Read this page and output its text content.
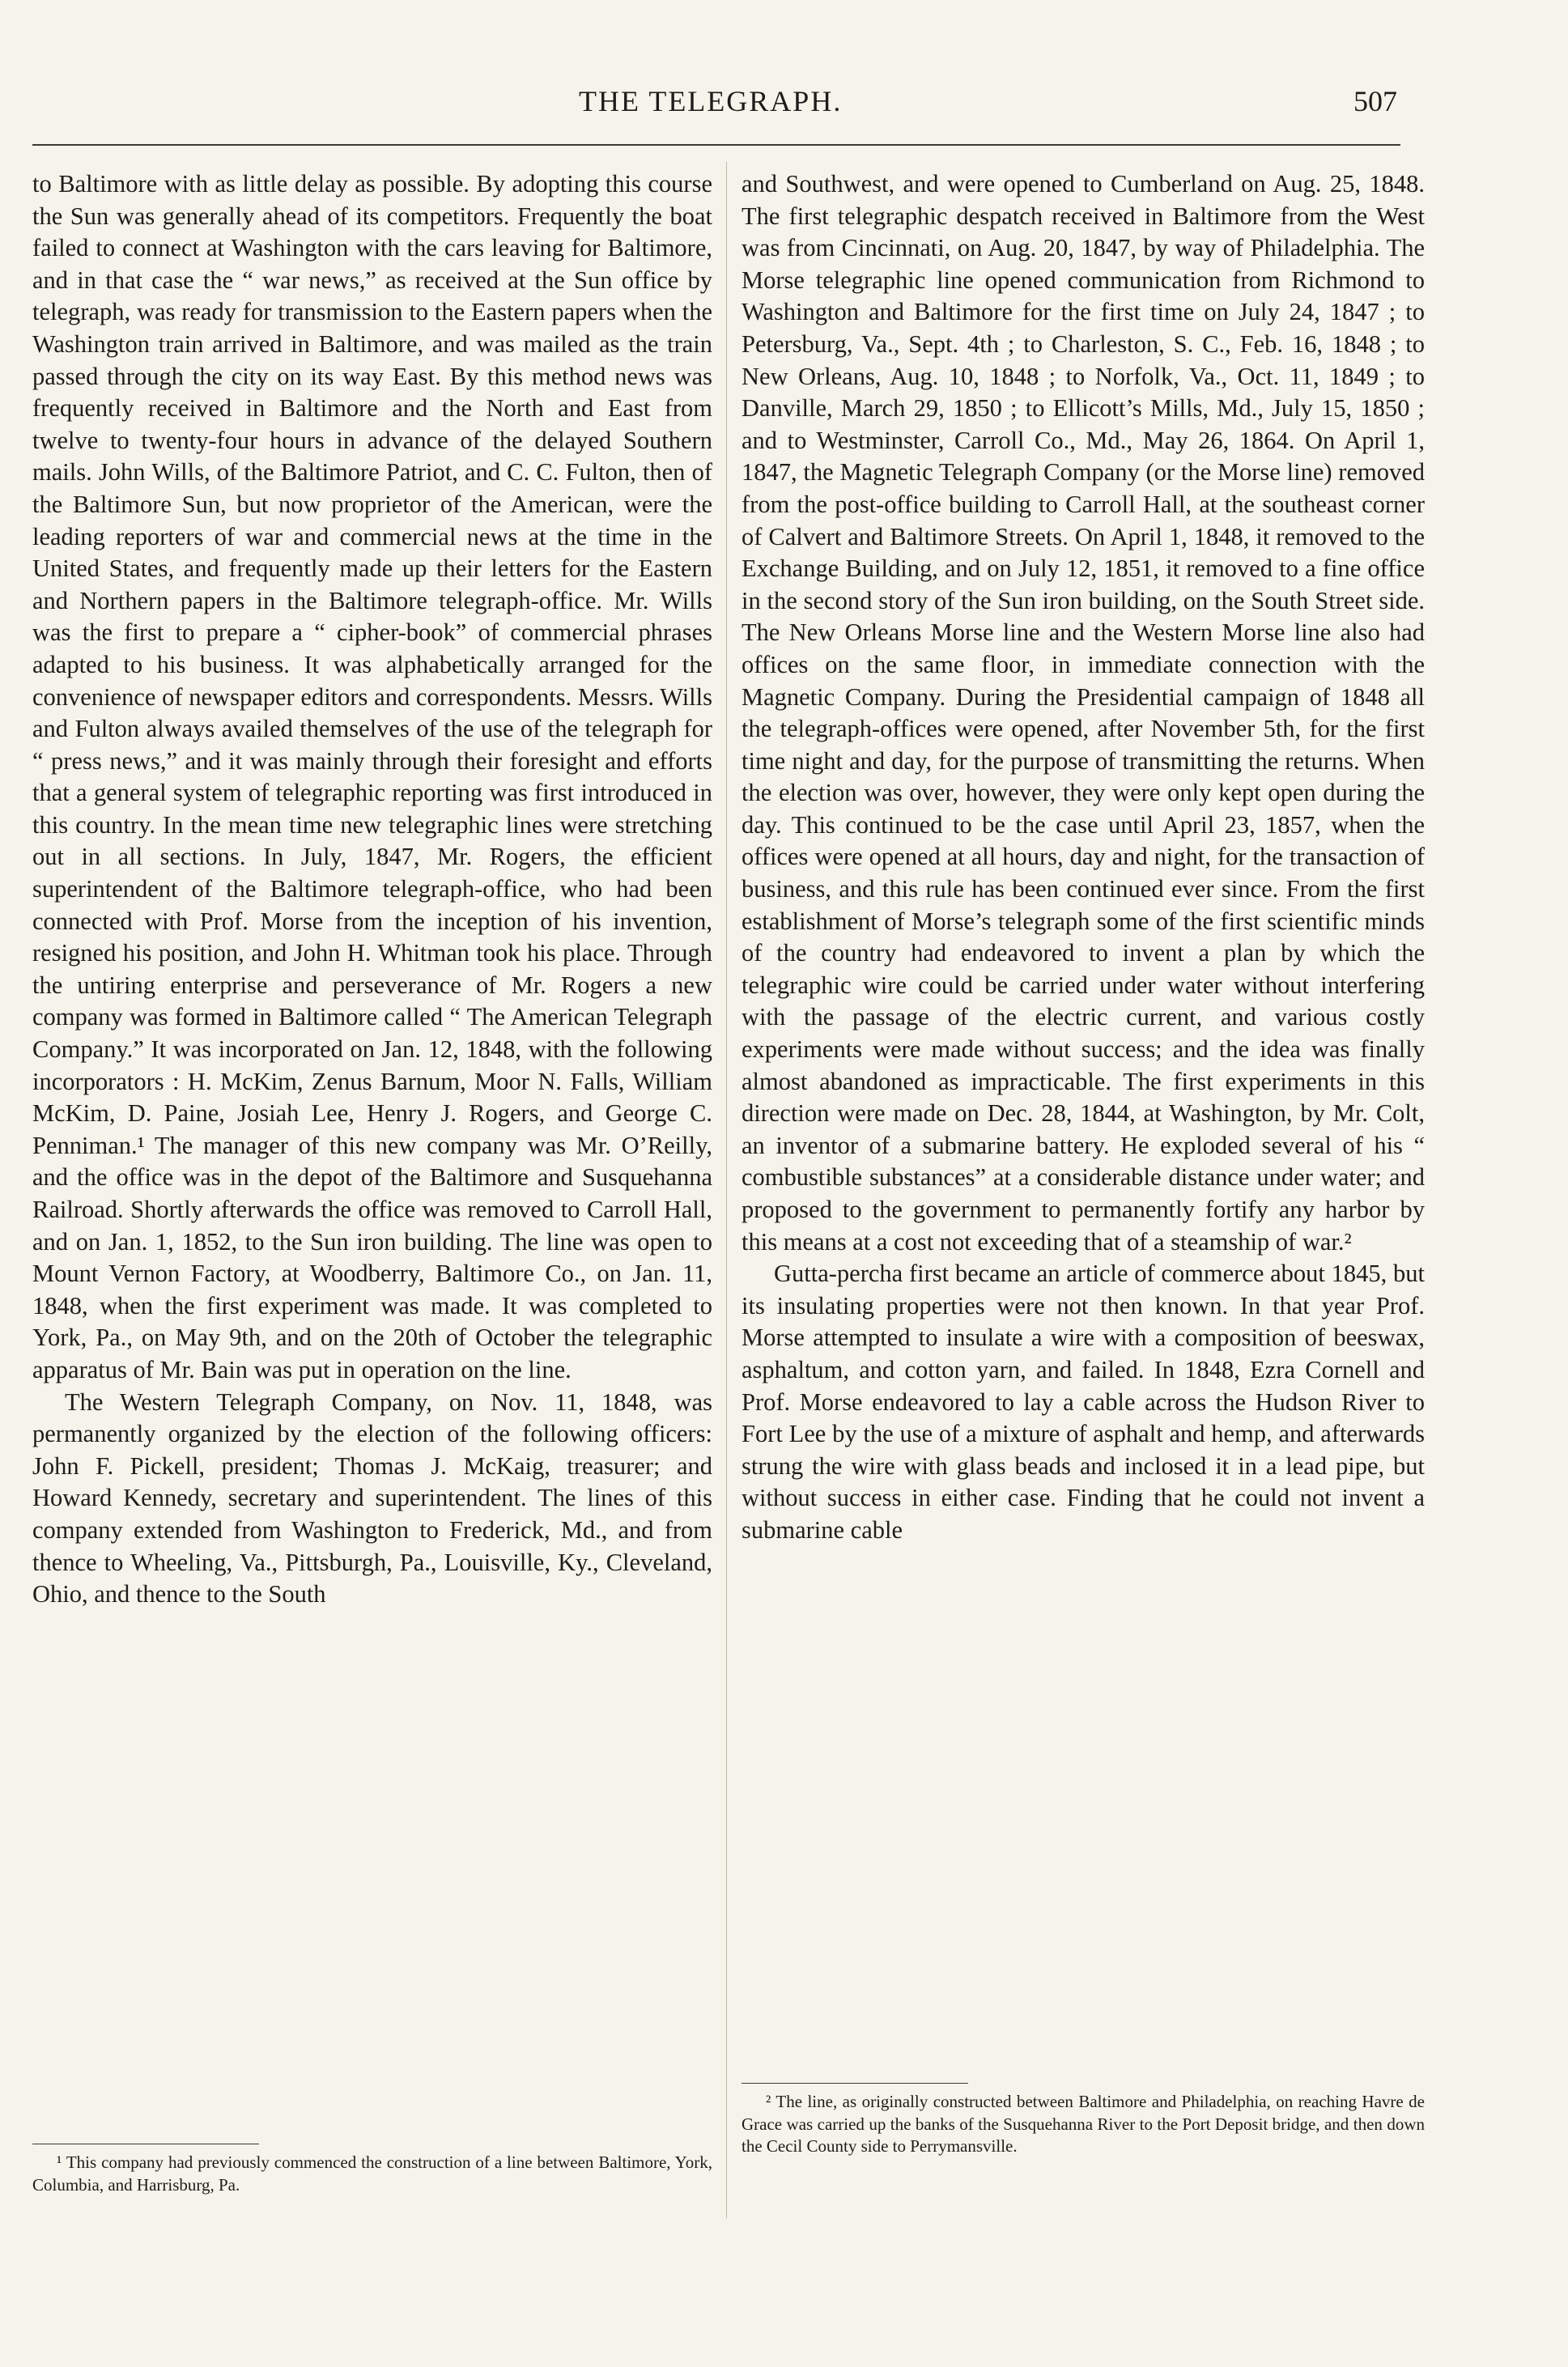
THE TELEGRAPH.	507

to Baltimore with as little delay as possible. By adopting this course the Sun was generally ahead of its competitors. Frequently the boat failed to connect at Washington with the cars leaving for Baltimore, and in that case the “ war news,” as received at the Sun office by telegraph, was ready for transmission to the Eastern papers when the Washington train arrived in Baltimore, and was mailed as the train passed through the city on its way East. By this method news was frequently received in Baltimore and the North and East from twelve to twenty-four hours in advance of the delayed Southern mails. John Wills, of the Baltimore Patriot, and C. C. Fulton, then of the Baltimore Sun, but now proprietor of the American, were the leading reporters of war and commercial news at the time in the United States, and frequently made up their letters for the Eastern and Northern papers in the Baltimore telegraph-office. Mr. Wills was the first to prepare a “ cipher-book” of commercial phrases adapted to his business. It was alphabetically arranged for the convenience of newspaper editors and correspondents. Messrs. Wills and Fulton always availed themselves of the use of the telegraph for “ press news,” and it was mainly through their foresight and efforts that a general system of telegraphic reporting was first introduced in this country. In the mean time new telegraphic lines were stretching out in all sections. In July, 1847, Mr. Rogers, the efficient superintendent of the Baltimore telegraph-office, who had been connected with Prof. Morse from the inception of his invention, resigned his position, and John H. Whitman took his place. Through the untiring enterprise and perseverance of Mr. Rogers a new company was formed in Baltimore called “ The American Telegraph Company.” It was incorporated on Jan. 12, 1848, with the following incorporators : H. McKim, Zenus Barnum, Moor N. Falls, William McKim, D. Paine, Josiah Lee, Henry J. Rogers, and George C. Penniman.¹ The manager of this new company was Mr. O’Reilly, and the office was in the depot of the Baltimore and Susquehanna Railroad. Shortly afterwards the office was removed to Carroll Hall, and on Jan. 1, 1852, to the Sun iron building. The line was open to Mount Vernon Factory, at Woodberry, Baltimore Co., on Jan. 11, 1848, when the first experiment was made. It was completed to York, Pa., on May 9th, and on the 20th of October the telegraphic apparatus of Mr. Bain was put in operation on the line.

The Western Telegraph Company, on Nov. 11, 1848, was permanently organized by the election of the following officers: John F. Pickell, president; Thomas J. McKaig, treasurer; and Howard Kennedy, secretary and superintendent. The lines of this company extended from Washington to Frederick, Md., and from thence to Wheeling, Va., Pittsburgh, Pa., Louisville, Ky., Cleveland, Ohio, and thence to the South

and Southwest, and were opened to Cumberland on Aug. 25, 1848. The first telegraphic despatch received in Baltimore from the West was from Cincinnati, on Aug. 20, 1847, by way of Philadelphia. The Morse telegraphic line opened communication from Richmond to Washington and Baltimore for the first time on July 24, 1847 ; to Petersburg, Va., Sept. 4th ; to Charleston, S. C., Feb. 16, 1848 ; to New Orleans, Aug. 10, 1848 ; to Norfolk, Va., Oct. 11, 1849 ; to Danville, March 29, 1850 ; to Ellicott’s Mills, Md., July 15, 1850 ; and to Westminster, Carroll Co., Md., May 26, 1864. On April 1, 1847, the Magnetic Telegraph Company (or the Morse line) removed from the post-office building to Carroll Hall, at the southeast corner of Calvert and Baltimore Streets. On April 1, 1848, it removed to the Exchange Building, and on July 12, 1851, it removed to a fine office in the second story of the Sun iron building, on the South Street side. The New Orleans Morse line and the Western Morse line also had offices on the same floor, in immediate connection with the Magnetic Company. During the Presidential campaign of 1848 all the telegraph-offices were opened, after November 5th, for the first time night and day, for the purpose of transmitting the returns. When the election was over, however, they were only kept open during the day. This continued to be the case until April 23, 1857, when the offices were opened at all hours, day and night, for the transaction of business, and this rule has been continued ever since. From the first establishment of Morse’s telegraph some of the first scientific minds of the country had endeavored to invent a plan by which the telegraphic wire could be carried under water without interfering with the passage of the electric current, and various costly experiments were made without success; and the idea was finally almost abandoned as impracticable. The first experiments in this direction were made on Dec. 28, 1844, at Washington, by Mr. Colt, an inventor of a submarine battery. He exploded several of his “ combustible substances” at a considerable distance under water; and proposed to the government to permanently fortify any harbor by this means at a cost not exceeding that of a steamship of war.²

Gutta-percha first became an article of commerce about 1845, but its insulating properties were not then known. In that year Prof. Morse attempted to insulate a wire with a composition of beeswax, asphaltum, and cotton yarn, and failed. In 1848, Ezra Cornell and Prof. Morse endeavored to lay a cable across the Hudson River to Fort Lee by the use of a mixture of asphalt and hemp, and afterwards strung the wire with glass beads and inclosed it in a lead pipe, but without success in either case. Finding that he could not invent a submarine cable

¹ This company had previously commenced the construction of a line between Baltimore, York, Columbia, and Harrisburg, Pa.

² The line, as originally constructed between Baltimore and Philadelphia, on reaching Havre de Grace was carried up the banks of the Susquehanna River to the Port Deposit bridge, and then down the Cecil County side to Perrymansville.
